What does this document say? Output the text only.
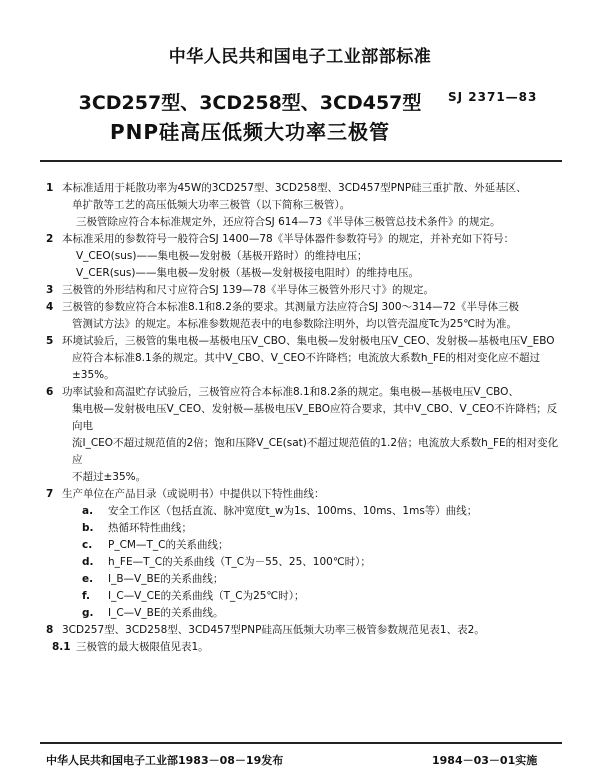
中华人民共和国电子工业部部标准
3CD257型、3CD258型、3CD457型	SJ 2371—83
PNP硅高压低频大功率三极管

1 本标准适用于耗散功率为45W的3CD257型、3CD258型、3CD457型PNP硅三重扩散、外延基区、

单扩散等工艺的高压低频大功率三极管（以下简称三极管）。

三极管除应符合本标准规定外，还应符合SJ 614—73《半导体三极管总技术条件》的规定。

2 本标准采用的参数符号一般符合SJ 1400—78《半导体器件参数符号》的规定，并补充如下符号：

V_CEO(sus)——集电极—发射极（基极开路时）的维持电压；

V_CER(sus)——集电极—发射极（基极—发射极接电阻时）的维持电压。

3 三极管的外形结构和尺寸应符合SJ 139—78《半导体三极管外形尺寸》的规定。

4 三极管的参数应符合本标准8.1和8.2条的要求。其测量方法应符合SJ 300～314—72《半导体三极

管测试方法》的规定。本标准参数规范表中的电参数除注明外，均以管壳温度Tc为25℃时为准。

5 环境试验后，三极管的集电极—基极电压V_CBO、集电极—发射极电压V_CEO、发射极—基极电压V_EBO

应符合本标准8.1条的规定。其中V_CBO、V_CEO不许降档；电流放大系数h_FE的相对变化应不超过

±35%。

6 功率试验和高温贮存试验后，三极管应符合本标准8.1和8.2条的规定。集电极—基极电压V_CBO、

集电极—发射极电压V_CEO、发射极—基极电压V_EBO应符合要求，其中V_CBO、V_CEO不许降档；反向电

流I_CEO不超过规范值的2倍；饱和压降V_CE(sat)不超过规范值的1.2倍；电流放大系数h_FE的相对变化应

不超过±35%。

7 生产单位在产品目录（或说明书）中提供以下特性曲线：

a. 安全工作区（包括直流、脉冲宽度t_w为1s、100ms、10ms、1ms等）曲线；

b. 热循环特性曲线；

c. P_CM—T_C的关系曲线；

d. h_FE—T_C的关系曲线（T_C为－55、25、100℃时）；

e. I_B—V_BE的关系曲线；

f. I_C—V_CE的关系曲线（T_C为25℃时）；

g. I_C—V_BE的关系曲线。

8 3CD257型、3CD258型、3CD457型PNP硅高压低频大功率三极管参数规范见表1、表2。

8.1 三极管的最大极限值见表1。

中华人民共和国电子工业部1983－08－19发布	1984－03－01实施
